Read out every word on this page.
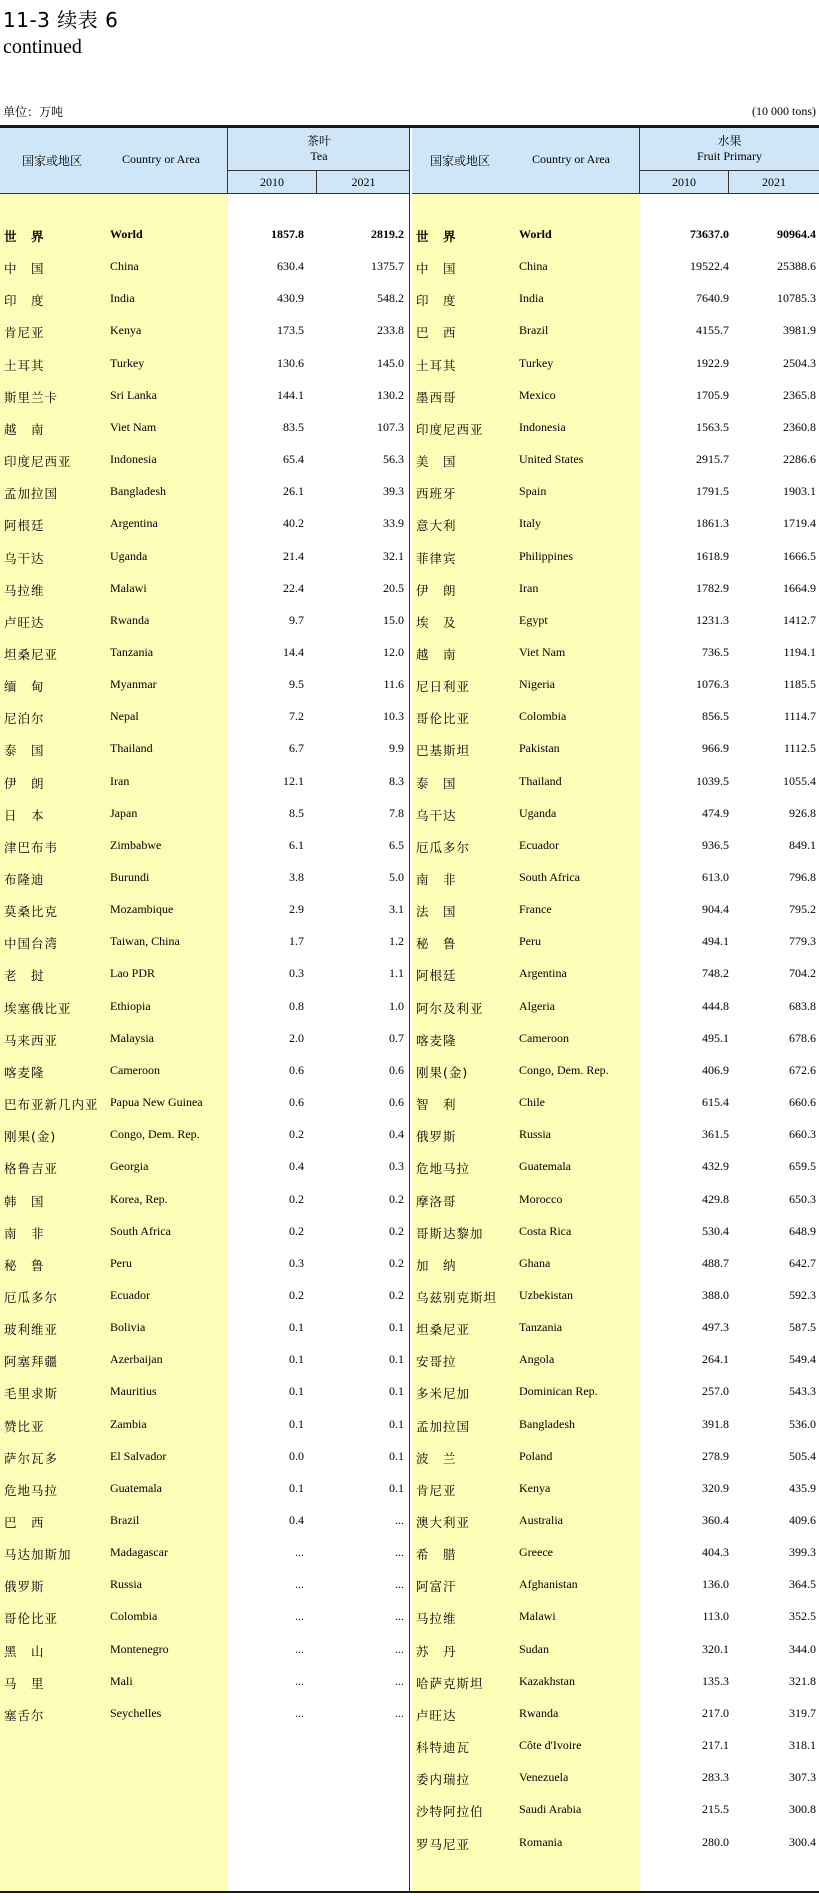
11-3 续表 6
continued
单位：万吨	(10 000 tons)
国家或地区	Country or Area
茶叶
Tea
2010	2021
世　界	World	1857.8	2819.2
中　国	China	630.4	1375.7
印　度	India	430.9	548.2
肯尼亚	Kenya	173.5	233.8
土耳其	Turkey	130.6	145.0
斯里兰卡	Sri Lanka	144.1	130.2
越　南	Viet Nam	83.5	107.3
印度尼西亚	Indonesia	65.4	56.3
孟加拉国	Bangladesh	26.1	39.3
阿根廷	Argentina	40.2	33.9
乌干达	Uganda	21.4	32.1
马拉维	Malawi	22.4	20.5
卢旺达	Rwanda	9.7	15.0
坦桑尼亚	Tanzania	14.4	12.0
缅　甸	Myanmar	9.5	11.6
尼泊尔	Nepal	7.2	10.3
泰　国	Thailand	6.7	9.9
伊　朗	Iran	12.1	8.3
日　本	Japan	8.5	7.8
津巴布韦	Zimbabwe	6.1	6.5
布隆迪	Burundi	3.8	5.0
莫桑比克	Mozambique	2.9	3.1
中国台湾	Taiwan, China	1.7	1.2
老　挝	Lao PDR	0.3	1.1
埃塞俄比亚	Ethiopia	0.8	1.0
马来西亚	Malaysia	2.0	0.7
喀麦隆	Cameroon	0.6	0.6
巴布亚新几内亚 Papua New Guinea	0.6	0.6
刚果(金)	Congo, Dem. Rep.	0.2	0.4
格鲁吉亚	Georgia	0.4	0.3
韩　国	Korea, Rep.	0.2	0.2
南　非	South Africa	0.2	0.2
秘　鲁	Peru	0.3	0.2
厄瓜多尔	Ecuador	0.2	0.2
玻利维亚	Bolivia	0.1	0.1
阿塞拜疆	Azerbaijan	0.1	0.1
毛里求斯	Mauritius	0.1	0.1
赞比亚	Zambia	0.1	0.1
萨尔瓦多	El Salvador	0.0	0.1
危地马拉	Guatemala	0.1	0.1
巴　西	Brazil	0.4	...
马达加斯加	Madagascar	...	...
俄罗斯	Russia	...	...
哥伦比亚	Colombia	...	...
黑　山	Montenegro	...	...
马　里	Mali	...	...
塞舌尔	Seychelles	...	...
国家或地区	Country or Area
水果
Fruit Primary
2010	2021
世　界	World	73637.0	90964.4
中　国	China	19522.4	25388.6
印　度	India	7640.9	10785.3
巴　西	Brazil	4155.7	3981.9
土耳其	Turkey	1922.9	2504.3
墨西哥	Mexico	1705.9	2365.8
印度尼西亚	Indonesia	1563.5	2360.8
美　国	United States	2915.7	2286.6
西班牙	Spain	1791.5	1903.1
意大利	Italy	1861.3	1719.4
菲律宾	Philippines	1618.9	1666.5
伊　朗	Iran	1782.9	1664.9
埃　及	Egypt	1231.3	1412.7
越　南	Viet Nam	736.5	1194.1
尼日利亚	Nigeria	1076.3	1185.5
哥伦比亚	Colombia	856.5	1114.7
巴基斯坦	Pakistan	966.9	1112.5
泰　国	Thailand	1039.5	1055.4
乌干达	Uganda	474.9	926.8
厄瓜多尔	Ecuador	936.5	849.1
南　非	South Africa	613.0	796.8
法　国	France	904.4	795.2
秘　鲁	Peru	494.1	779.3
阿根廷	Argentina	748.2	704.2
阿尔及利亚	Algeria	444.8	683.8
喀麦隆	Cameroon	495.1	678.6
刚果(金)	Congo, Dem. Rep.	406.9	672.6
智　利	Chile	615.4	660.6
俄罗斯	Russia	361.5	660.3
危地马拉	Guatemala	432.9	659.5
摩洛哥	Morocco	429.8	650.3
哥斯达黎加	Costa Rica	530.4	648.9
加　纳	Ghana	488.7	642.7
乌兹别克斯坦 Uzbekistan	388.0	592.3
坦桑尼亚	Tanzania	497.3	587.5
安哥拉	Angola	264.1	549.4
多米尼加	Dominican Rep.	257.0	543.3
孟加拉国	Bangladesh	391.8	536.0
波　兰	Poland	278.9	505.4
肯尼亚	Kenya	320.9	435.9
澳大利亚	Australia	360.4	409.6
希　腊	Greece	404.3	399.3
阿富汗	Afghanistan	136.0	364.5
马拉维	Malawi	113.0	352.5
苏　丹	Sudan	320.1	344.0
哈萨克斯坦	Kazakhstan	135.3	321.8
卢旺达	Rwanda	217.0	319.7
科特迪瓦	Côte d'Ivoire	217.1	318.1
委内瑞拉	Venezuela	283.3	307.3
沙特阿拉伯	Saudi Arabia	215.5	300.8
罗马尼亚	Romania	280.0	300.4
